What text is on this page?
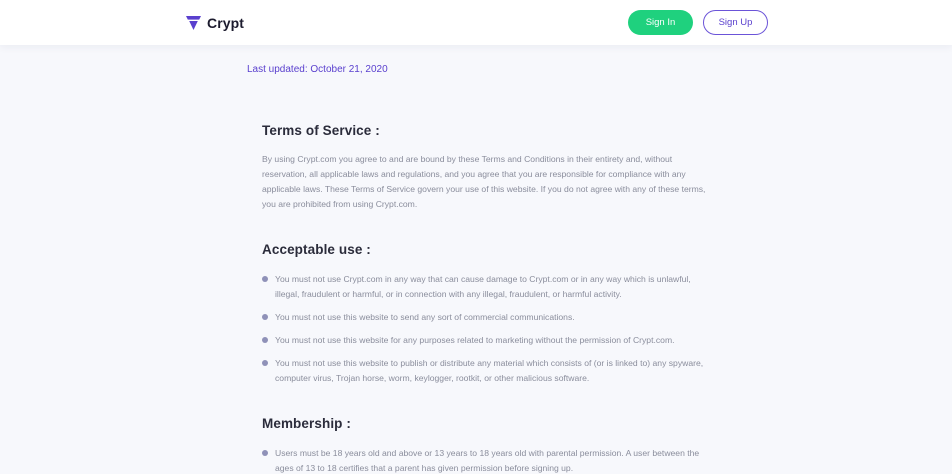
Crypt	Sign In	Sign Up
Last updated: October 21, 2020
Terms of Service :

By using Crypt.com you agree to and are bound by these Terms and Conditions in their entirety and, without reservation, all applicable laws and regulations, and you agree that you are responsible for compliance with any applicable laws. These Terms of Service govern your use of this website. If you do not agree with any of these terms, you are prohibited from using Crypt.com.

Acceptable use :
You must not use Crypt.com in any way that can cause damage to Crypt.com or in any way which is unlawful, illegal, fraudulent or harmful, or in connection with any illegal, fraudulent, or harmful activity.
You must not use this website to send any sort of commercial communications.
You must not use this website for any purposes related to marketing without the permission of Crypt.com.
You must not use this website to publish or distribute any material which consists of (or is linked to) any spyware, computer virus, Trojan horse, worm, keylogger, rootkit, or other malicious software.
Membership :
Users must be 18 years old and above or 13 years to 18 years old with parental permission. A user between the ages of 13 to 18 certifies that a parent has given permission before signing up.
